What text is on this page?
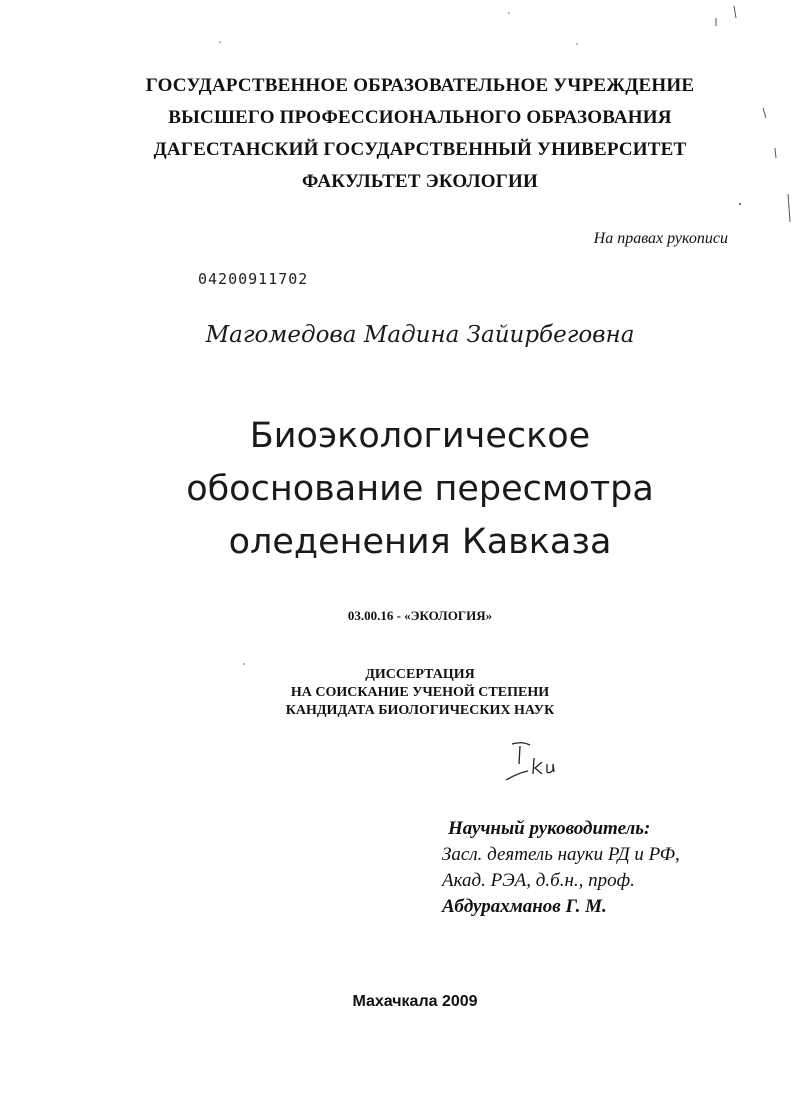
ГОСУДАРСТВЕННОЕ ОБРАЗОВАТЕЛЬНОЕ УЧРЕЖДЕНИЕ
ВЫСШЕГО ПРОФЕССИОНАЛЬНОГО ОБРАЗОВАНИЯ
ДАГЕСТАНСКИЙ ГОСУДАРСТВЕННЫЙ УНИВЕРСИТЕТ
ФАКУЛЬТЕТ ЭКОЛОГИИ
На правах рукописи
04200911702
Магомедова Мадина Зайирбеговна
Биоэкологическое
обоснование пересмотра
оледенения Кавказа
03.00.16 - «ЭКОЛОГИЯ»
ДИССЕРТАЦИЯ
НА СОИСКАНИЕ УЧЕНОЙ СТЕПЕНИ
КАНДИДАТА БИОЛОГИЧЕСКИХ НАУК
Научный руководитель:
Засл. деятель науки РД и РФ,
Акад. РЭА, д.б.н., проф.
Абдурахманов Г. М.
Махачкала 2009
